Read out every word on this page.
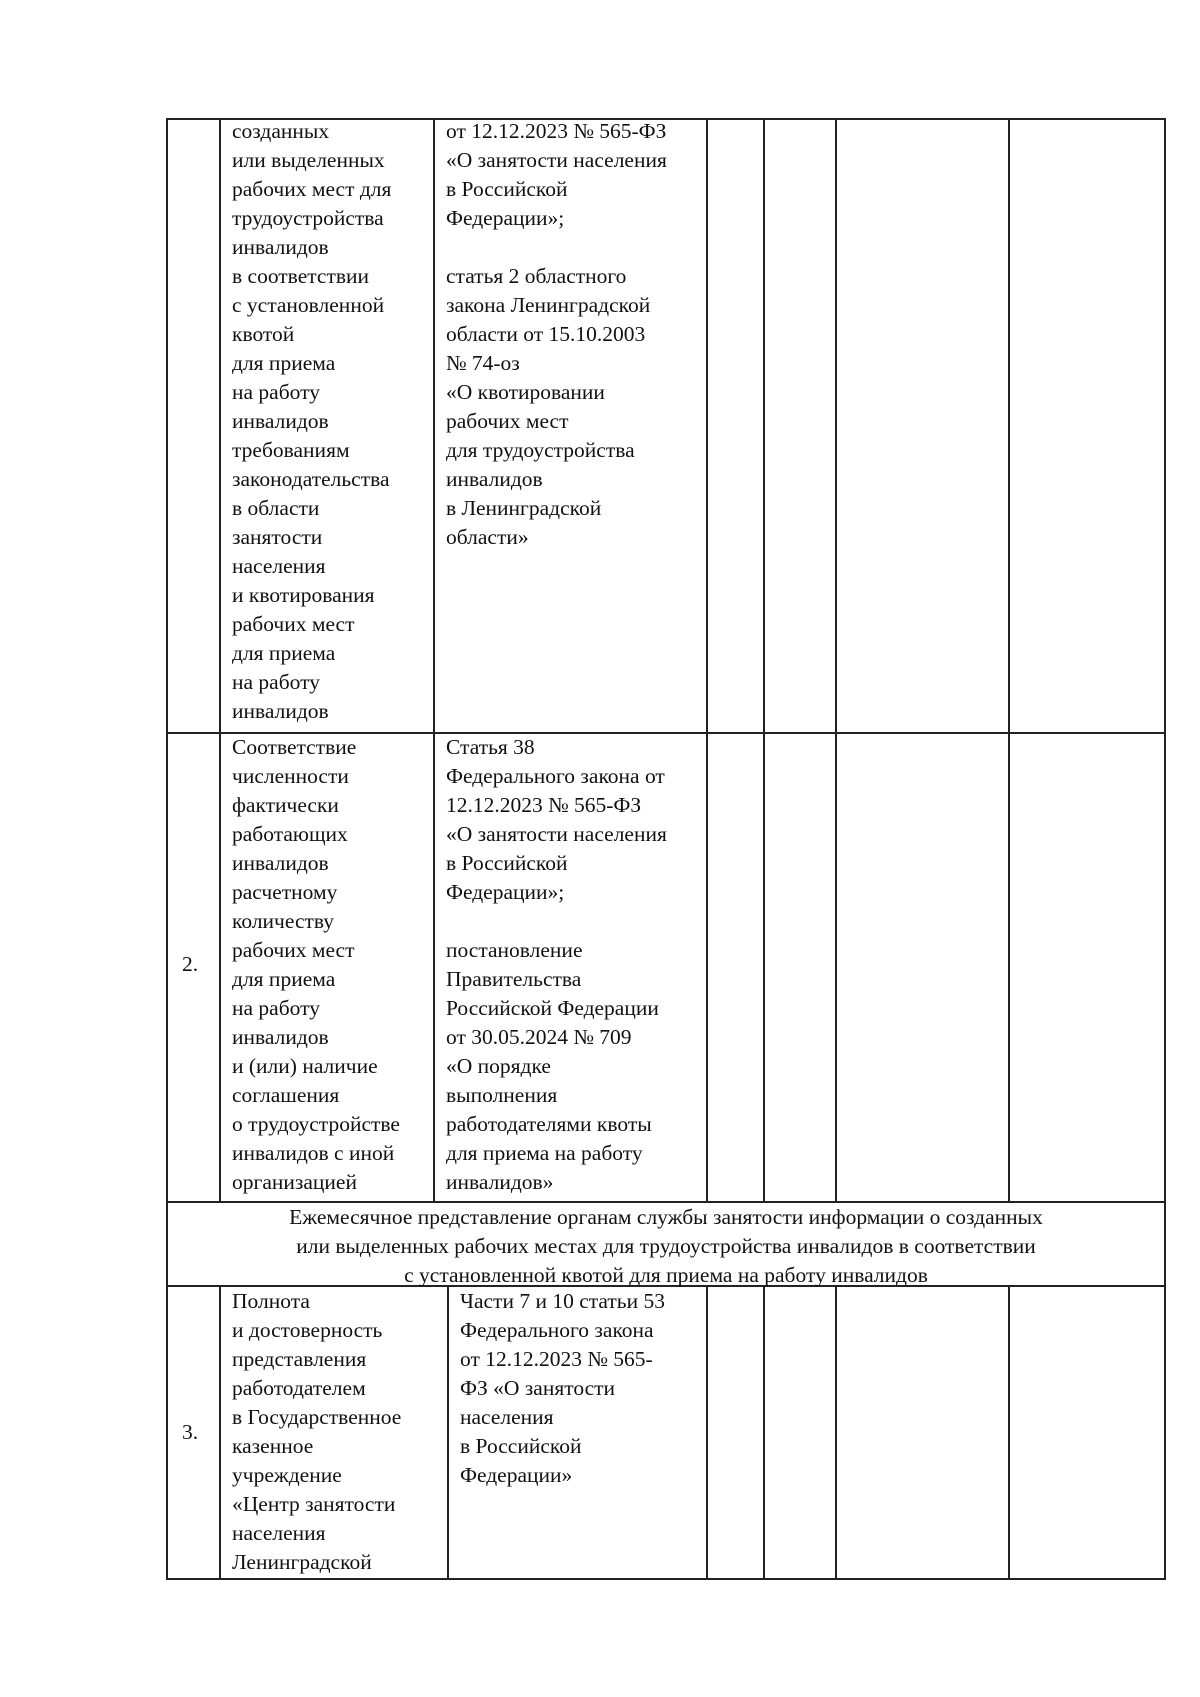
созданных
или выделенных
рабочих мест для
трудоустройства
инвалидов
в соответствии
с установленной
квотой
для приема
на работу
инвалидов
требованиям
законодательства
в области
занятости
населения
и квотирования
рабочих мест
для приема
на работу
инвалидов
от 12.12.2023 № 565-ФЗ
«О занятости населения
в Российской
Федерации»;

статья 2 областного
закона Ленинградской
области от 15.10.2003
№ 74-оз
«О квотировании
рабочих мест
для трудоустройства
инвалидов
в Ленинградской
области»
2.
Соответствие
численности
фактически
работающих
инвалидов
расчетному
количеству
рабочих мест
для приема
на работу
инвалидов
и (или) наличие
соглашения
о трудоустройстве
инвалидов с иной
организацией
Статья 38
Федерального закона от
12.12.2023 № 565-ФЗ
«О занятости населения
в Российской
Федерации»;

постановление
Правительства
Российской Федерации
от 30.05.2024 № 709
«О порядке
выполнения
работодателями квоты
для приема на работу
инвалидов»
Ежемесячное представление органам службы занятости информации о созданных
или выделенных рабочих местах для трудоустройства инвалидов в соответствии
с установленной квотой для приема на работу инвалидов
3.
Полнота
и достоверность
представления
работодателем
в Государственное
казенное
учреждение
«Центр занятости
населения
Ленинградской
Части 7 и 10 статьи 53
Федерального закона
от 12.12.2023 № 565-
ФЗ «О занятости
населения
в Российской
Федерации»
